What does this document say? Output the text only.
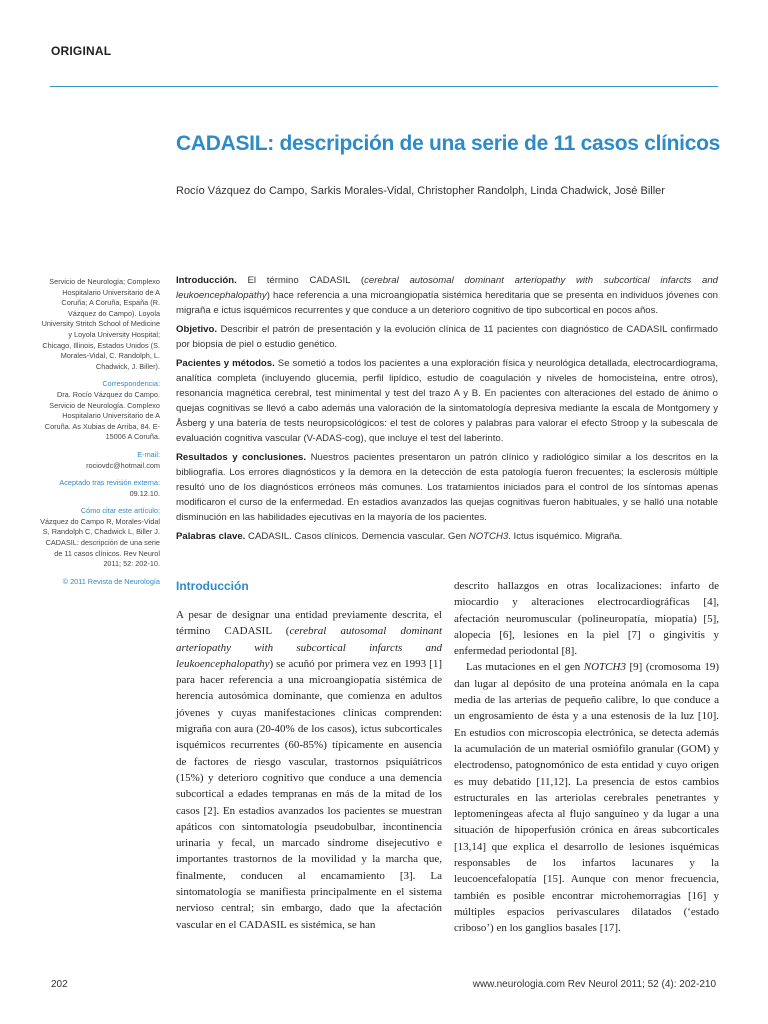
ORIGINAL
CADASIL: descripción de una serie de 11 casos clínicos
Rocío Vázquez do Campo, Sarkis Morales-Vidal, Christopher Randolph, Linda Chadwick, José Biller

Servicio de Neurología; Complexo Hospitalario Universitario de A Coruña; A Coruña, España (R. Vázquez do Campo). Loyola University Stritch School of Medicine y Loyola University Hospital; Chicago, Illinois, Estados Unidos (S. Morales-Vidal, C. Randolph, L. Chadwick, J. Biller).

Correspondencia:
Dra. Rocío Vázquez do Campo. Servicio de Neurología. Complexo Hospitalario Universitario de A Coruña. As Xubias de Arriba, 84. E-15006 A Coruña.

E-mail:
rociovdc@hotmail.com

Aceptado tras revisión externa:
09.12.10.

Cómo citar este artículo:
Vázquez do Campo R, Morales-Vidal S, Randolph C, Chadwick L, Biller J. CADASIL: descripción de una serie de 11 casos clínicos. Rev Neurol 2011; 52: 202-10.

© 2011 Revista de Neurología

Introducción. El término CADASIL (cerebral autosomal dominant arteriopathy with subcortical infarcts and leukoencephalopathy) hace referencia a una microangiopatía sistémica hereditaria que se presenta en individuos jóvenes con migraña e ictus isquémicos recurrentes y que conduce a un deterioro cognitivo de tipo subcortical en pocos años.

Objetivo. Describir el patrón de presentación y la evolución clínica de 11 pacientes con diagnóstico de CADASIL confirmado por biopsia de piel o estudio genético.

Pacientes y métodos. Se sometió a todos los pacientes a una exploración física y neurológica detallada, electrocardiograma, analítica completa (incluyendo glucemia, perfil lipídico, estudio de coagulación y niveles de homocisteína, entre otros), resonancia magnética cerebral, test minimental y test del trazo A y B. En pacientes con alteraciones del estado de ánimo o quejas cognitivas se llevó a cabo además una valoración de la sintomatología depresiva mediante la escala de Montgomery y Åsberg y una batería de tests neuropsicológicos: el test de colores y palabras para valorar el efecto Stroop y la subescala de evaluación cognitiva vascular (V-ADAS-cog), que incluye el test del laberinto.

Resultados y conclusiones. Nuestros pacientes presentaron un patrón clínico y radiológico similar a los descritos en la bibliografía. Los errores diagnósticos y la demora en la detección de esta patología fueron frecuentes; la esclerosis múltiple resultó uno de los diagnósticos erróneos más comunes. Los tratamientos iniciados para el control de los síntomas apenas modificaron el curso de la enfermedad. En estadios avanzados las quejas cognitivas fueron habituales, y se halló una notable disminución en las habilidades ejecutivas en la mayoría de los pacientes.

Palabras clave. CADASIL. Casos clínicos. Demencia vascular. Gen NOTCH3. Ictus isquémico. Migraña.

Introducción

A pesar de designar una entidad previamente descrita, el término CADASIL (cerebral autosomal dominant arteriopathy with subcortical infarcts and leukoencephalopathy) se acuñó por primera vez en 1993 [1] para hacer referencia a una microangiopatía sistémica de herencia autosómica dominante, que comienza en adultos jóvenes y cuyas manifestaciones clínicas comprenden: migraña con aura (20-40% de los casos), ictus subcorticales isquémicos recurrentes (60-85%) típicamente en ausencia de factores de riesgo vascular, trastornos psiquiátricos (15%) y deterioro cognitivo que conduce a una demencia subcortical a edades tempranas en más de la mitad de los casos [2]. En estadios avanzados los pacientes se muestran apáticos con sintomatología pseudobulbar, incontinencia urinaria y fecal, un marcado síndrome disejecutivo e importantes trastornos de la movilidad y la marcha que, finalmente, conducen al encamamiento [3]. La sintomatología se manifiesta principalmente en el sistema nervioso central; sin embargo, dado que la afectación vascular en el CADASIL es sistémica, se han

descrito hallazgos en otras localizaciones: infarto de miocardio y alteraciones electrocardiográficas [4], afectación neuromuscular (polineuropatía, miopatía) [5], alopecia [6], lesiones en la piel [7] o gingivitis y enfermedad periodontal [8].

Las mutaciones en el gen NOTCH3 [9] (cromosoma 19) dan lugar al depósito de una proteína anómala en la capa media de las arterias de pequeño calibre, lo que conduce a un engrosamiento de ésta y a una estenosis de la luz [10]. En estudios con microscopia electrónica, se detecta además la acumulación de un material osmiófilo granular (GOM) y electrodenso, patognomónico de esta entidad y cuyo origen es muy debatido [11,12]. La presencia de estos cambios estructurales en las arteriolas cerebrales penetrantes y leptomeníngeas afecta al flujo sanguíneo y da lugar a una situación de hipoperfusión crónica en áreas subcorticales [13,14] que explica el desarrollo de lesiones isquémicas responsables de los infartos lacunares y la leucoencefalopatía [15]. Aunque con menor frecuencia, también es posible encontrar microhemorragias [16] y múltiples espacios perivasculares dilatados (‘estado criboso’) en los ganglios basales [17].

202	www.neurologia.com Rev Neurol 2011; 52 (4): 202-210
